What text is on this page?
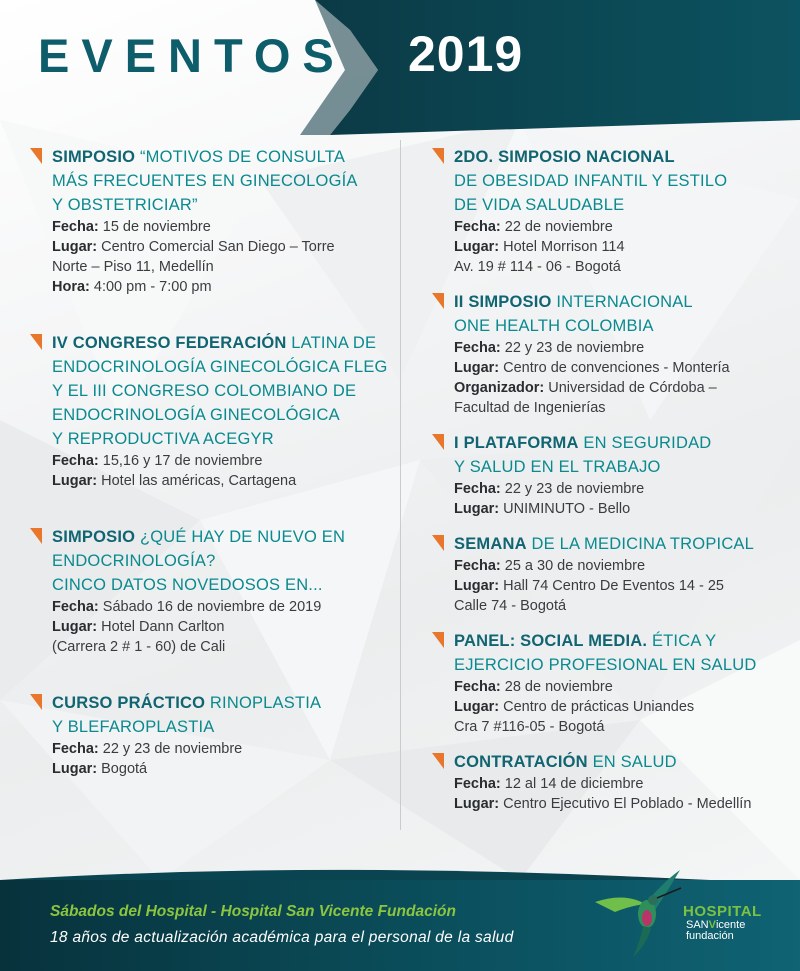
EVENTOS 2019
SIMPOSIO “MOTIVOS DE CONSULTA
MÁS FRECUENTES EN GINECOLOGÍA
Y OBSTETRICIAR”
Fecha: 15 de noviembre
Lugar: Centro Comercial San Diego – Torre
Norte – Piso 11, Medellín
Hora: 4:00 pm - 7:00 pm
IV CONGRESO FEDERACIÓN LATINA DE
ENDOCRINOLOGÍA GINECOLÓGICA FLEG
Y EL III CONGRESO COLOMBIANO DE
ENDOCRINOLOGÍA GINECOLÓGICA
Y REPRODUCTIVA ACEGYR
Fecha: 15,16 y 17 de noviembre
Lugar: Hotel las américas, Cartagena
SIMPOSIO ¿QUÉ HAY DE NUEVO EN
ENDOCRINOLOGÍA?
CINCO DATOS NOVEDOSOS EN...
Fecha: Sábado 16 de noviembre de 2019
Lugar: Hotel Dann Carlton
(Carrera 2 # 1 - 60) de Cali
CURSO PRÁCTICO RINOPLASTIA
Y BLEFAROPLASTIA
Fecha: 22 y 23 de noviembre
Lugar: Bogotá
2DO. SIMPOSIO NACIONAL
DE OBESIDAD INFANTIL Y ESTILO
DE VIDA SALUDABLE
Fecha: 22 de noviembre
Lugar: Hotel Morrison 114
Av. 19 # 114 - 06 - Bogotá
II SIMPOSIO INTERNACIONAL
ONE HEALTH COLOMBIA
Fecha: 22 y 23 de noviembre
Lugar: Centro de convenciones - Montería
Organizador: Universidad de Córdoba –
Facultad de Ingenierías
I PLATAFORMA EN SEGURIDAD
Y SALUD EN EL TRABAJO
Fecha: 22 y 23 de noviembre
Lugar: UNIMINUTO - Bello
SEMANA DE LA MEDICINA TROPICAL
Fecha: 25 a 30 de noviembre
Lugar: Hall 74 Centro De Eventos 14 - 25
Calle 74 - Bogotá
PANEL: SOCIAL MEDIA. ÉTICA Y
EJERCICIO PROFESIONAL EN SALUD
Fecha: 28 de noviembre
Lugar: Centro de prácticas Uniandes
Cra 7 #116-05 - Bogotá
CONTRATACIÓN EN SALUD
Fecha: 12 al 14 de diciembre
Lugar: Centro Ejecutivo El Poblado - Medellín
Sábados del Hospital - Hospital San Vicente Fundación
18 años de actualización académica para el personal de la salud
HOSPITAL
SANVicente
fundación
